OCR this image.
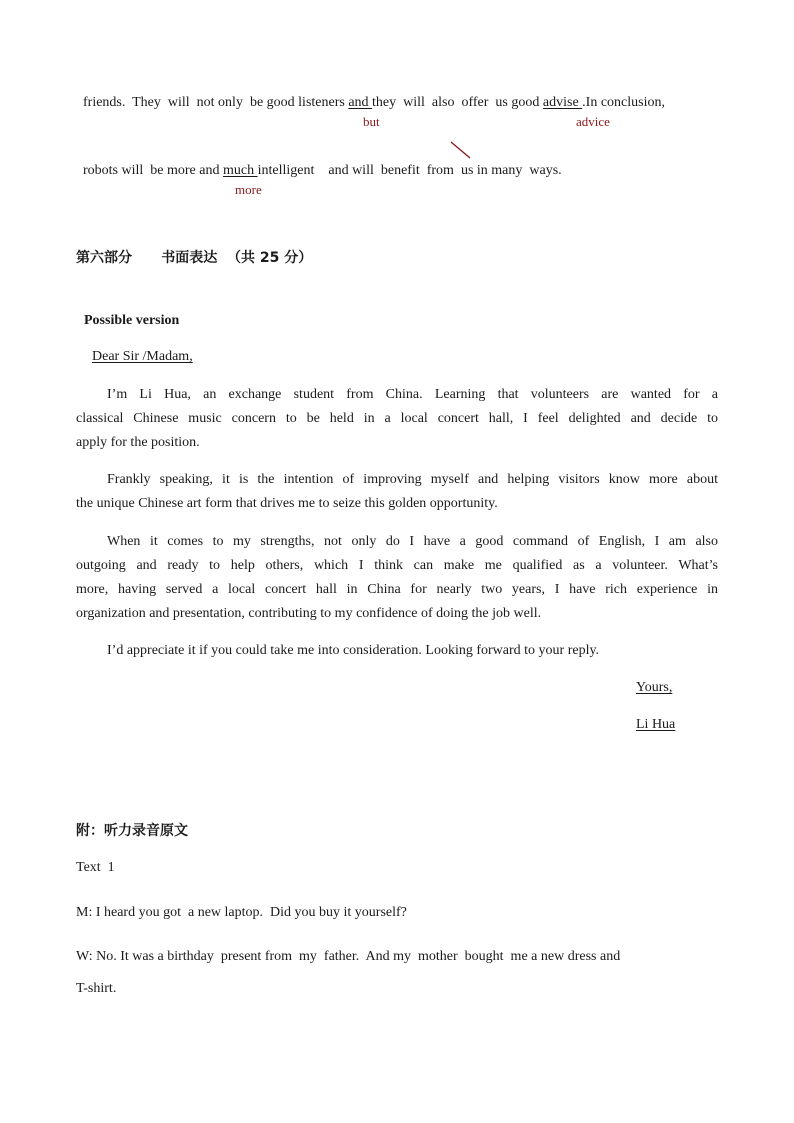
friends.  They  will  not only  be good listeners and they  will  also  offer  us good advise .In conclusion,

but	advice

robots will  be more and much intelligent    and will  benefit  from  us in many  ways.

more
第六部分      书面表达  （共 25 分）
Possible version
Dear Sir /Madam,
I’m Li Hua, an exchange student from China. Learning that volunteers are wanted for a
classical Chinese music concern to be held in a local concert hall, I feel delighted and decide to
apply for the position.
Frankly speaking, it is the intention of improving myself and helping visitors know more about
the unique Chinese art form that drives me to seize this golden opportunity.
When it comes to my strengths, not only do I have a good command of English, I am also
outgoing and ready to help others, which I think can make me qualified as a volunteer. What’s
more, having served a local concert hall in China for nearly two years, I have rich experience in
organization and presentation, contributing to my confidence of doing the job well.
I’d appreciate it if you could take me into consideration. Looking forward to your reply.
Yours,
Li Hua
附：听力录音原文
Text  1
M: I heard you got  a new laptop.  Did you buy it yourself?
W: No. It was a birthday  present from  my  father.  And my  mother  bought  me a new dress and
T-shirt.
